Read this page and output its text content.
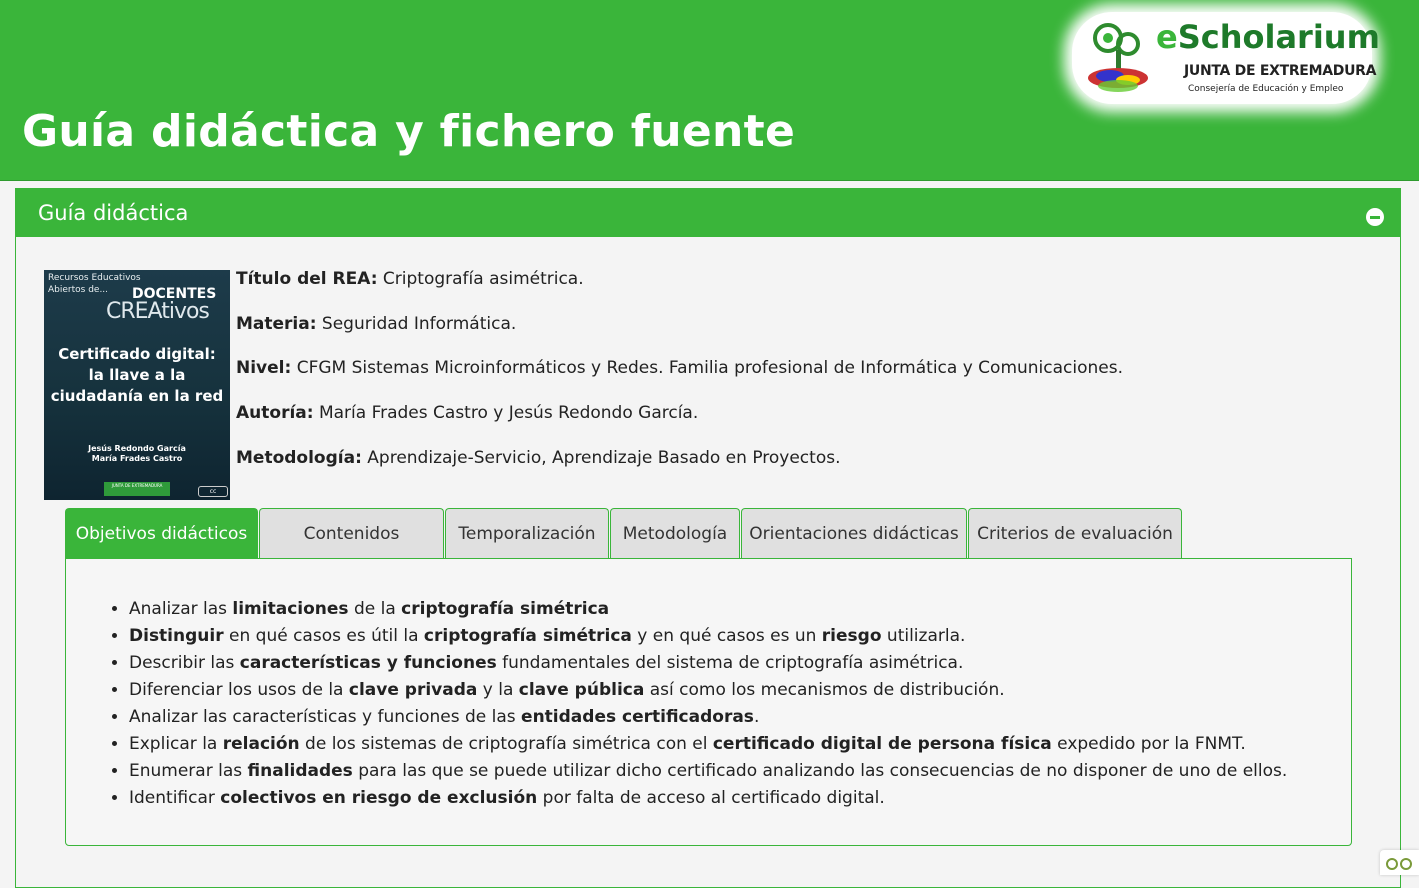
Guía didáctica y fichero fuente
eScholarium
JUNTA DE EXTREMADURA
Consejería de Educación y Empleo
Guía didáctica
Recursos Educativos
Abiertos de...	DOCENTES
CREAtivos
Certificado digital:
la llave a la
ciudadanía en la red
Jesús Redondo García
María Frades Castro
JUNTA DE EXTREMADURA
cc
Título del REA: Criptografía asimétrica.
Materia: Seguridad Informática.
Nivel: CFGM Sistemas Microinformáticos y Redes. Familia profesional de Informática y Comunicaciones.
Autoría: María Frades Castro y Jesús Redondo García.
Metodología: Aprendizaje-Servicio, Aprendizaje Basado en Proyectos.
Objetivos didácticos	Contenidos	Temporalización	Metodología	Orientaciones didácticas	Criterios de evaluación
• Analizar las limitaciones de la criptografía simétrica
• Distinguir en qué casos es útil la criptografía simétrica y en qué casos es un riesgo utilizarla.
• Describir las características y funciones fundamentales del sistema de criptografía asimétrica.
• Diferenciar los usos de la clave privada y la clave pública así como los mecanismos de distribución.
• Analizar las características y funciones de las entidades certificadoras.
• Explicar la relación de los sistemas de criptografía simétrica con el certificado digital de persona física expedido por la FNMT.
• Enumerar las finalidades para las que se puede utilizar dicho certificado analizando las consecuencias de no disponer de uno de ellos.
• Identificar colectivos en riesgo de exclusión por falta de acceso al certificado digital.
